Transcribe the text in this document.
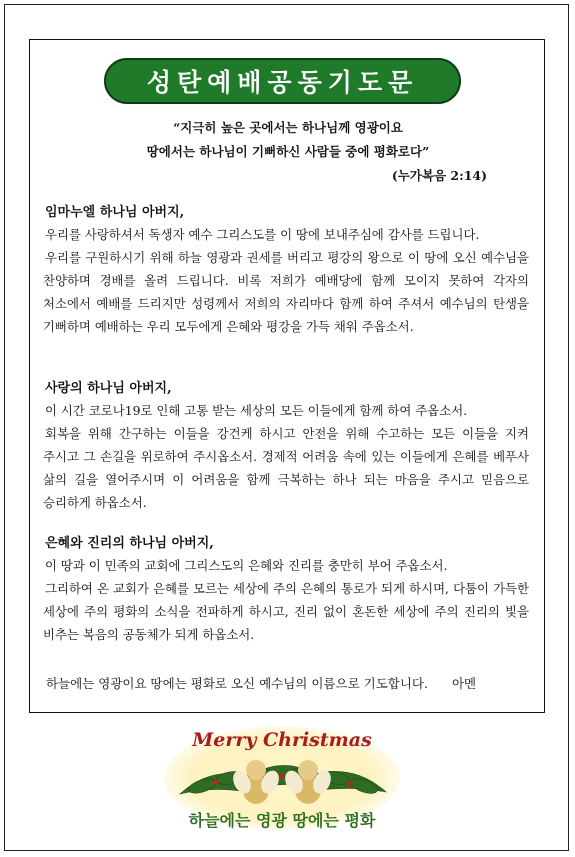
성탄예배공동기도문
“지극히 높은 곳에서는 하나님께 영광이요
땅에서는 하나님이 기뻐하신 사람들 중에 평화로다”
(누가복음 2:14)

임마누엘 하나님 아버지,

우리를 사랑하셔서 독생자 예수 그리스도를 이 땅에 보내주심에 감사를 드립니다.

우리를 구원하시기 위해 하늘 영광과 권세를 버리고 평강의 왕으로 이 땅에 오신 예수님을 찬양하며 경배를 올려 드립니다. 비록 저희가 예배당에 함께 모이지 못하여 각자의 처소에서 예배를 드리지만 성령께서 저희의 자리마다 함께 하여 주셔서 예수님의 탄생을 기뻐하며 예배하는 우리 모두에게 은혜와 평강을 가득 채워 주옵소서.

사랑의 하나님 아버지,

이 시간 코로나19로 인해 고통 받는 세상의 모든 이들에게 함께 하여 주옵소서.

회복을 위해 간구하는 이들을 강건케 하시고 안전을 위해 수고하는 모든 이들을 지켜 주시고 그 손길을 위로하여 주시옵소서. 경제적 어려움 속에 있는 이들에게 은혜를 베푸사 삶의 길을 열어주시며 이 어려움을 함께 극복하는 하나 되는 마음을 주시고 믿음으로 승리하게 하옵소서.

은혜와 진리의 하나님 아버지,

이 땅과 이 민족의 교회에 그리스도의 은혜와 진리를 충만히 부어 주옵소서.

그리하여 온 교회가 은혜를 모르는 세상에 주의 은혜의 통로가 되게 하시며, 다툼이 가득한 세상에 주의 평화의 소식을 전파하게 하시고, 진리 없이 혼돈한 세상에 주의 진리의 빛을 비추는 복음의 공동체가 되게 하옵소서.

하늘에는 영광이요 땅에는 평화로 오신 예수님의 이름으로 기도합니다. 아멘
Merry Christmas
하늘에는 영광 땅에는 평화
